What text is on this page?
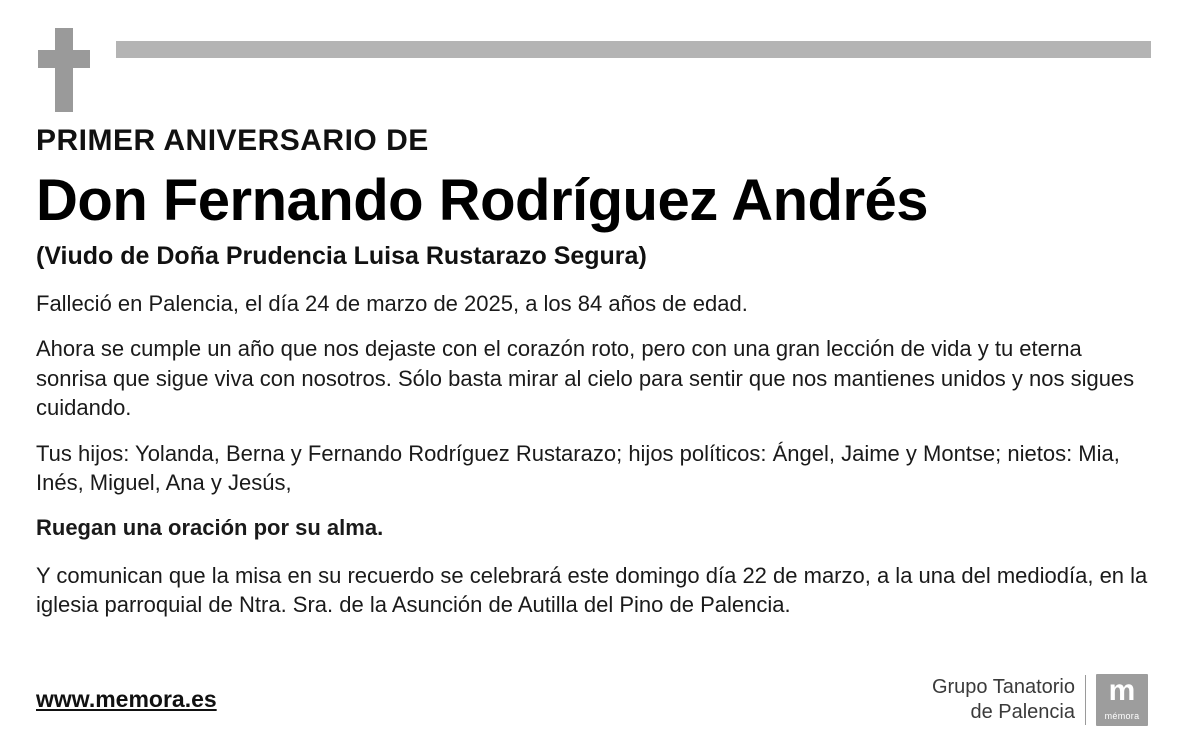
PRIMER ANIVERSARIO DE
Don Fernando Rodríguez Andrés
(Viudo de Doña Prudencia Luisa Rustarazo Segura)

Falleció en Palencia, el día 24 de marzo de 2025, a los 84 años de edad.

Ahora se cumple un año que nos dejaste con el corazón roto, pero con una gran lección de vida y tu eterna sonrisa que sigue viva con nosotros. Sólo basta mirar al cielo para sentir que nos mantienes unidos y nos sigues cuidando.

Tus hijos: Yolanda, Berna y Fernando Rodríguez Rustarazo; hijos políticos: Ángel, Jaime y Montse; nietos: Mia, Inés, Miguel, Ana y Jesús,

Ruegan una oración por su alma.

Y comunican que la misa en su recuerdo se celebrará este domingo día 22 de marzo, a la una del mediodía, en la iglesia parroquial de Ntra. Sra. de la Asunción de Autilla del Pino de Palencia.

www.memora.es	Grupo Tanatorio
de Palencia
m
mémora
